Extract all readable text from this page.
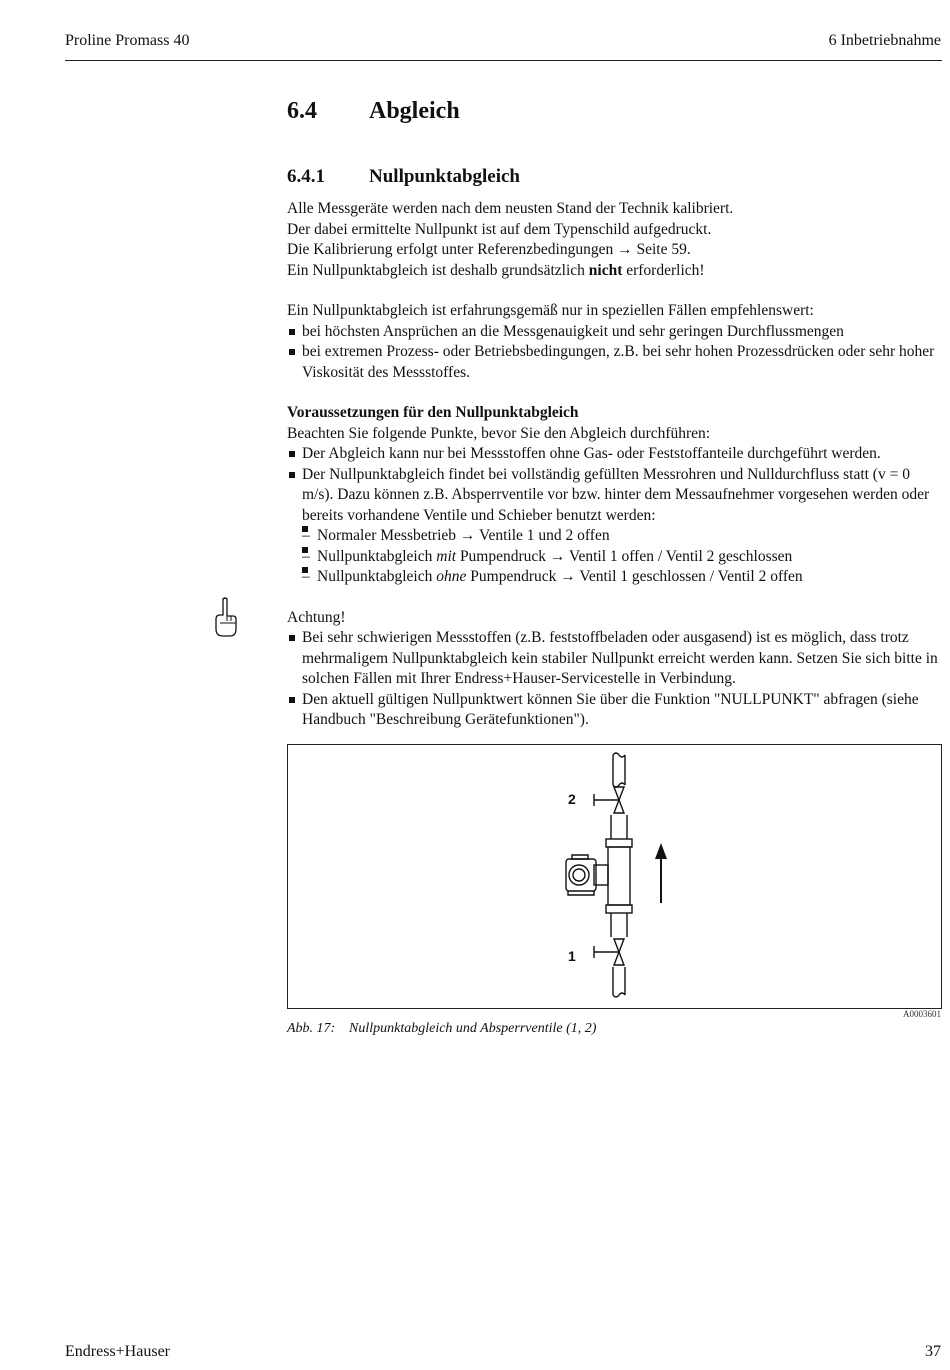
Proline Promass 40	6 Inbetriebnahme
6.4 Abgleich
6.4.1 Nullpunktabgleich

Alle Messgeräte werden nach dem neusten Stand der Technik kalibriert.

Der dabei ermittelte Nullpunkt ist auf dem Typenschild aufgedruckt.

Die Kalibrierung erfolgt unter Referenzbedingungen → Seite 59.

Ein Nullpunktabgleich ist deshalb grundsätzlich nicht erforderlich!

Ein Nullpunktabgleich ist erfahrungsgemäß nur in speziellen Fällen empfehlenswert:

bei höchsten Ansprüchen an die Messgenauigkeit und sehr geringen Durchflussmengen
bei extremen Prozess- oder Betriebsbedingungen, z.B. bei sehr hohen Prozessdrücken oder sehr hoher Viskosität des Messstoffes.

Voraussetzungen für den Nullpunktabgleich

Beachten Sie folgende Punkte, bevor Sie den Abgleich durchführen:

Der Abgleich kann nur bei Messstoffen ohne Gas- oder Feststoffanteile durchgeführt werden.
Der Nullpunktabgleich findet bei vollständig gefüllten Messrohren und Nulldurchfluss statt (v = 0 m/s). Dazu können z.B. Absperrventile vor bzw. hinter dem Messaufnehmer vorgesehen werden oder bereits vorhandene Ventile und Schieber benutzt werden:
– Normaler Messbetrieb → Ventile 1 und 2 offen
– Nullpunktabgleich mit Pumpendruck → Ventil 1 offen / Ventil 2 geschlossen
– Nullpunktabgleich ohne Pumpendruck → Ventil 1 geschlossen / Ventil 2 offen

Achtung!

Bei sehr schwierigen Messstoffen (z.B. feststoffbeladen oder ausgasend) ist es möglich, dass trotz mehrmaligem Nullpunktabgleich kein stabiler Nullpunkt erreicht werden kann. Setzen Sie sich bitte in solchen Fällen mit Ihrer Endress+Hauser-Servicestelle in Verbindung.
Den aktuell gültigen Nullpunktwert können Sie über die Funktion "NULLPUNKT" abfragen (siehe Handbuch "Beschreibung Gerätefunktionen").
2
1
A0003601
Abb. 17: Nullpunktabgleich und Absperrventile (1, 2)
Endress+Hauser	37
